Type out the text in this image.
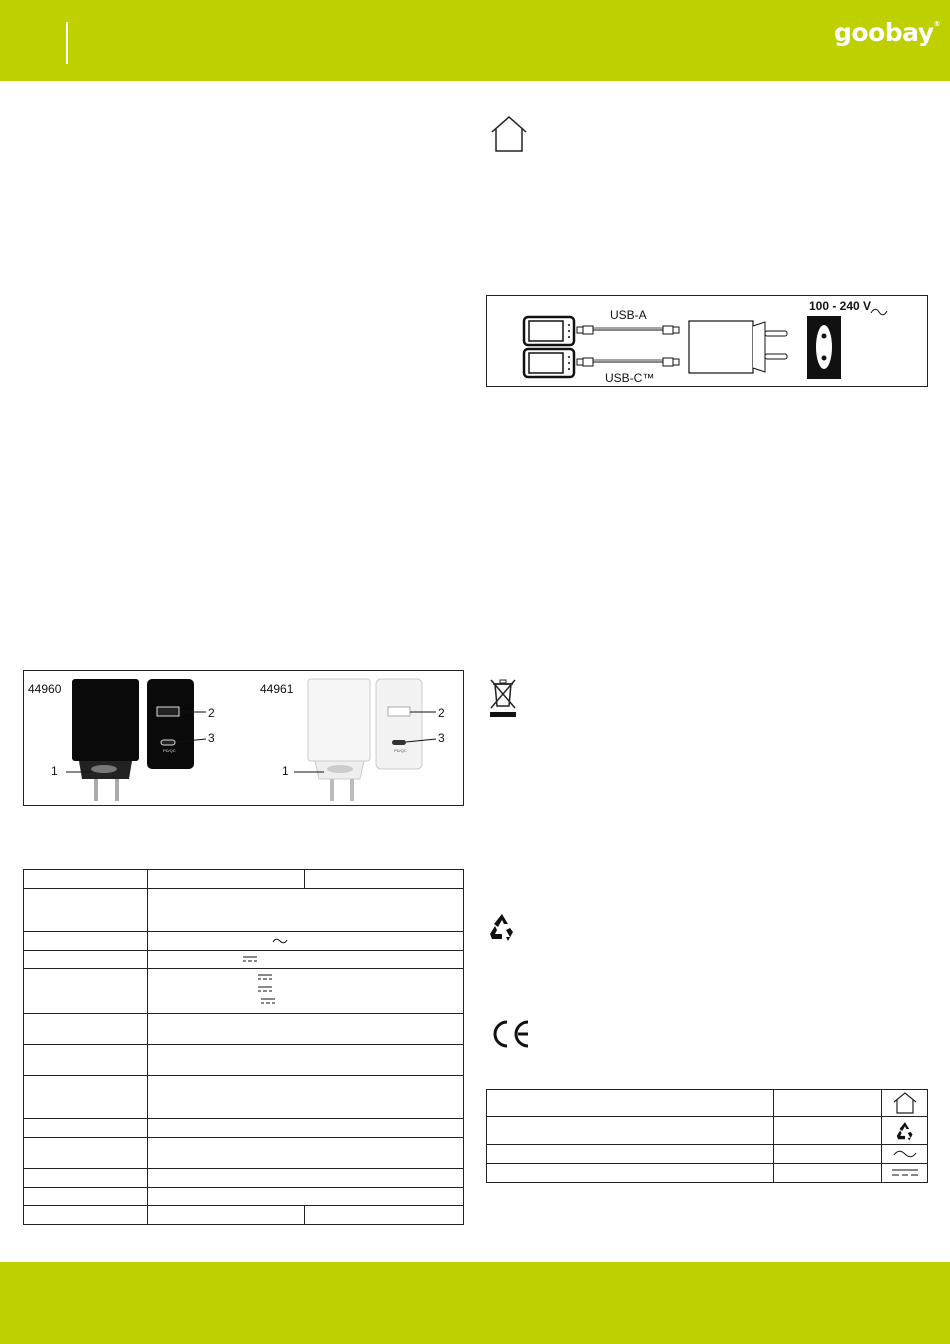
goobay®
100 - 240 V
USB-A
USB-C™
44960	44961
2
3
1
2
3
1
PD/QC	PD/QC
